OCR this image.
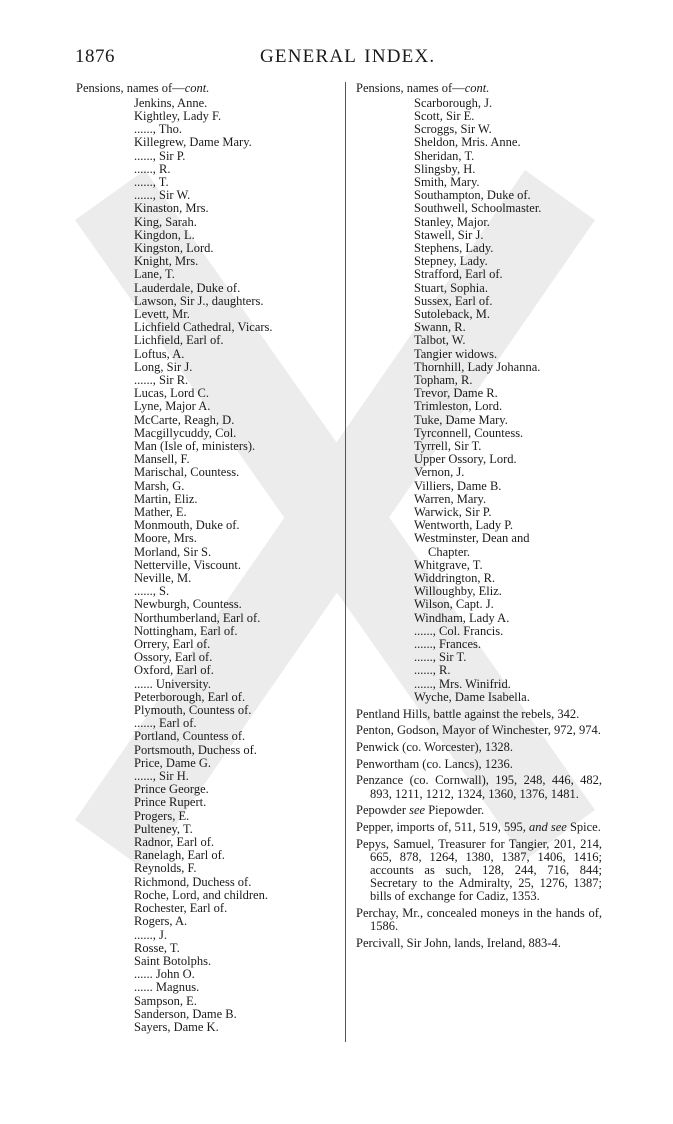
1876	GENERAL INDEX.

Pensions, names of—cont.

Jenkins, Anne.

Kightley, Lady F.

......, Tho.

Killegrew, Dame Mary.

......, Sir P.

......, R.

......, T.

......, Sir W.

Kinaston, Mrs.

King, Sarah.

Kingdon, L.

Kingston, Lord.

Knight, Mrs.

Lane, T.

Lauderdale, Duke of.

Lawson, Sir J., daughters.

Levett, Mr.

Lichfield Cathedral, Vicars.

Lichfield, Earl of.

Loftus, A.

Long, Sir J.

......, Sir R.

Lucas, Lord C.

Lyne, Major A.

McCarte, Reagh, D.

Macgillycuddy, Col.

Man (Isle of, ministers).

Mansell, F.

Marischal, Countess.

Marsh, G.

Martin, Eliz.

Mather, E.

Monmouth, Duke of.

Moore, Mrs.

Morland, Sir S.

Netterville, Viscount.

Neville, M.

......, S.

Newburgh, Countess.

Northumberland, Earl of.

Nottingham, Earl of.

Orrery, Earl of.

Ossory, Earl of.

Oxford, Earl of.

...... University.

Peterborough, Earl of.

Plymouth, Countess of.

......, Earl of.

Portland, Countess of.

Portsmouth, Duchess of.

Price, Dame G.

......, Sir H.

Prince George.

Prince Rupert.

Progers, E.

Pulteney, T.

Radnor, Earl of.

Ranelagh, Earl of.

Reynolds, F.

Richmond, Duchess of.

Roche, Lord, and children.

Rochester, Earl of.

Rogers, A.

......, J.

Rosse, T.

Saint Botolphs.

...... John O.

...... Magnus.

Sampson, E.

Sanderson, Dame B.

Sayers, Dame K.

Pensions, names of—cont.

Scarborough, J.

Scott, Sir E.

Scroggs, Sir W.

Sheldon, Mris. Anne.

Sheridan, T.

Slingsby, H.

Smith, Mary.

Southampton, Duke of.

Southwell, Schoolmaster.

Stanley, Major.

Stawell, Sir J.

Stephens, Lady.

Stepney, Lady.

Strafford, Earl of.

Stuart, Sophia.

Sussex, Earl of.

Sutoleback, M.

Swann, R.

Talbot, W.

Tangier widows.

Thornhill, Lady Johanna.

Topham, R.

Trevor, Dame R.

Trimleston, Lord.

Tuke, Dame Mary.

Tyrconnell, Countess.

Tyrrell, Sir T.

Upper Ossory, Lord.

Vernon, J.

Villiers, Dame B.

Warren, Mary.

Warwick, Sir P.

Wentworth, Lady P.

Westminster, Dean and

Chapter.

Whitgrave, T.

Widdrington, R.

Willoughby, Eliz.

Wilson, Capt. J.

Windham, Lady A.

......, Col. Francis.

......, Frances.

......, Sir T.

......, R.

......, Mrs. Winifrid.

Wyche, Dame Isabella.

Pentland Hills, battle against the rebels, 342.

Penton, Godson, Mayor of Winchester, 972, 974.

Penwick (co. Worcester), 1328.

Penwortham (co. Lancs), 1236.

Penzance (co. Cornwall), 195, 248, 446, 482, 893, 1211, 1212, 1324, 1360, 1376, 1481.

Pepowder see Piepowder.

Pepper, imports of, 511, 519, 595, and see Spice.

Pepys, Samuel, Treasurer for Tangier, 201, 214, 665, 878, 1264, 1380, 1387, 1406, 1416; accounts as such, 128, 244, 716, 844; Secretary to the Admiralty, 25, 1276, 1387; bills of exchange for Cadiz, 1353.

Perchay, Mr., concealed moneys in the hands of, 1586.

Percivall, Sir John, lands, Ireland, 883-4.
